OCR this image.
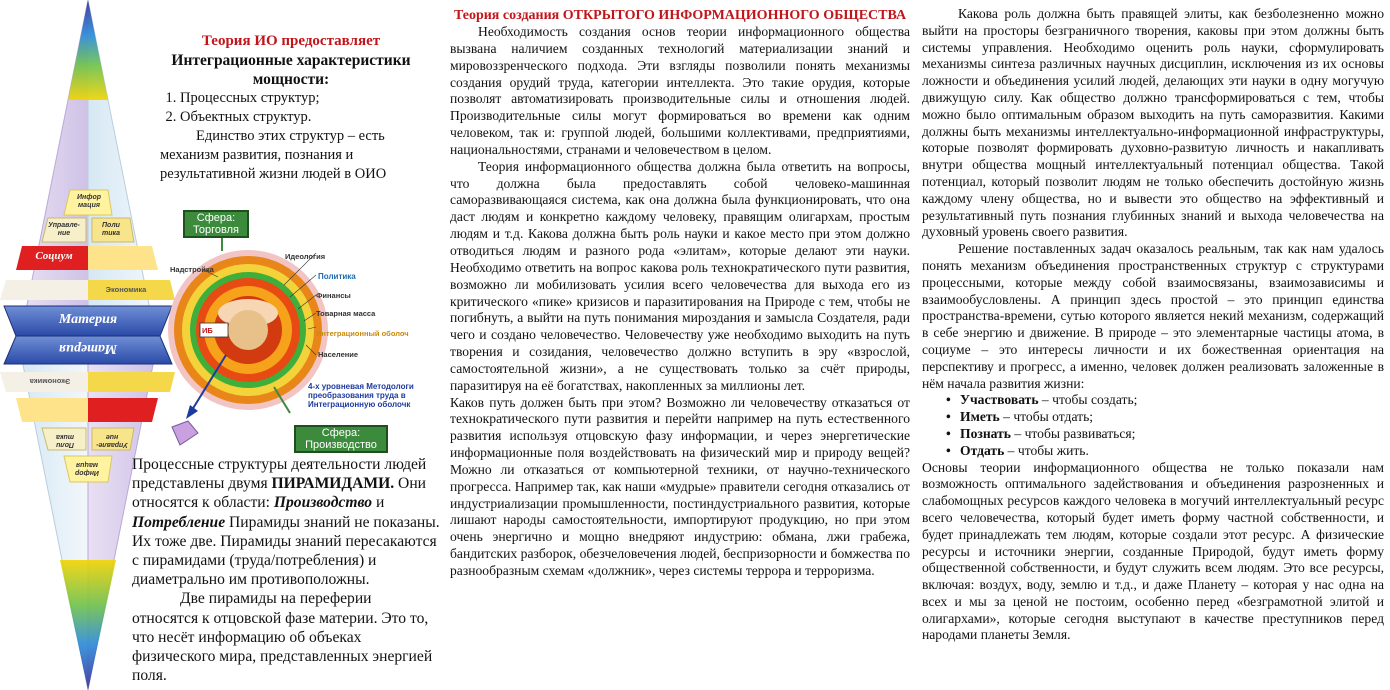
Инфор мация
Управле- ние
Поли тика
Социум
Экономика
Материя
Материя
Экономика
Поли тика
Управле- ние
Инфор мация
Теория ИО предоставляет
Интеграционные характеристики мощности:
1. Процессных структур;
2. Объектных структур.

Единство этих структур – есть механизм развития, познания и результативной жизни людей в ОИО

Сфера: Торговля
Сфера: Производство
Надстройка
Идеология
Политика
Финансы
Товарная масса
Интеграционный оболоч
Население
ИБ
4-х уровневая Методологи преобразования труда в Интеграционную оболочк

Процессные структуры деятельности людей представлены двумя ПИРАМИДАМИ. Они относятся к области: Производство и Потребление Пирамиды знаний не показаны. Их тоже две. Пирамиды знаний пересакаются с пирамидами (труда/потребления) и диаметрально им противоположны.

Две пирамиды на переферии относятся к отцовской фазе материи. Это то, что несёт информацию об объеках физического мира, представленных энергией поля.

Теория создания ОТКРЫТОГО ИНФОРМАЦИОННОГО ОБЩЕСТВА

Необходимость создания основ теории информационного общества вызвана наличием созданных технологий материализации знаний и мировоззренческого подхода. Эти взгляды позволили понять механизмы создания орудий труда, категории интеллекта. Это такие орудия, которые позволят автоматизировать производительные силы и отношения людей. Производительные силы могут формироваться во времени как одним человеком, так и: группой людей, большими коллективами, предприятиями, национальностями, странами и человечеством в целом.

Теория информационного общества должна была ответить на вопросы, что должна была предоставлять собой человеко-машинная саморазвивающаяся система, как она должна была функционировать, что она даст людям и конкретно каждому человеку, правящим олигархам, простым людям и т.д. Какова должна быть роль науки и какое место при этом должно отводиться людям и разного рода «элитам», которые делают эти науки. Необходимо ответить на вопрос какова роль технократического пути развития, возможно ли мобилизовать усилия всего человечества для выхода его из критического «пике» кризисов и паразитирования на Природе с тем, чтобы не погибнуть, а выйти на путь понимания мироздания и замысла Создателя, ради чего и создано человечество. Человечеству уже необходимо выходить на путь творения и созидания, человечество должно вступить в эру «взрослой, самостоятельной жизни», а не существовать только за счёт природы, паразитируя на её богатствах, накопленных за миллионы лет.

Каков путь должен быть при этом? Возможно ли человечеству отказаться от технократического пути развития и перейти например на путь естественного развития используя отцовскую фазу информации, и через энергетические информационные поля воздействовать на физический мир и природу вещей? Можно ли отказаться от компьютерной техники, от научно-технического прогресса. Например так, как наши «мудрые» правители сегодня отказались от индустриализации промышленности, постиндустриального развития, которые лишают народы самостоятельности, импортируют продукцию, но при этом очень энергично и мощно внедряют индустрию: обмана, лжи грабежа, бандитских разборок, обезчеловечения людей, беспризорности и бомжества по разнообразным схемам «должник», через системы террора и терроризма.

Какова роль должна быть правящей элиты, как безболезненно можно выйти на просторы безграничного творения, каковы при этом должны быть системы управления. Необходимо оценить роль науки, сформулировать механизмы синтеза различных научных дисциплин, исключения из их основы ложности и объединения усилий людей, делающих эти науки в одну могучую движущую силу. Как общество должно трансформироваться с тем, чтобы можно было оптимальным образом выходить на путь саморазвития. Какими должны быть механизмы интеллектуально-информационной инфраструктуры, которые позволят формировать духовно-развитую личность и накапливать внутри общества мощный интеллектуальный потенциал общества. Такой потенциал, который позволит людям не только обеспечить достойную жизнь каждому члену общества, но и вывести это общество на эффективный и результативный путь познания глубинных знаний и выхода человечества на духовный уровень своего развития.

Решение поставленных задач оказалось реальным, так как нам удалось понять механизм объединения пространственных структур с структурами процессными, которые между собой взаимосвязаны, взаимозависимы и взаимообусловлены. А принцип здесь простой – это принцип единства пространства-времени, сутью которого является некий механизм, содержащий в себе энергию и движение. В природе – это элементарные частицы атома, в социуме – это интересы личности и их божественная ориентация на перспективу и прогресс, а именно, человек должен реализовать заложенные в нём начала развития жизни:

• Участвовать – чтобы создать;
• Иметь – чтобы отдать;
• Познать – чтобы развиваться;
• Отдать – чтобы жить.

Основы теории информационного общества не только показали нам возможность оптимального задействования и объединения разрозненных и слабомощных ресурсов каждого человека в могучий интеллектуальный ресурс всего человечества, который будет иметь форму частной собственности, и будет принадлежать тем людям, которые создали этот ресурс. А физические ресурсы и источники энергии, созданные Природой, будут иметь форму общественной собственности, и будут служить всем людям. Это все ресурсы, включая: воздух, воду, землю и т.д., и даже Планету – которая у нас одна на всех и мы за ценой не постоим, особенно перед «безграмотной элитой и олигархами», которые сегодня выступают в качестве преступников перед народами планеты Земля.
